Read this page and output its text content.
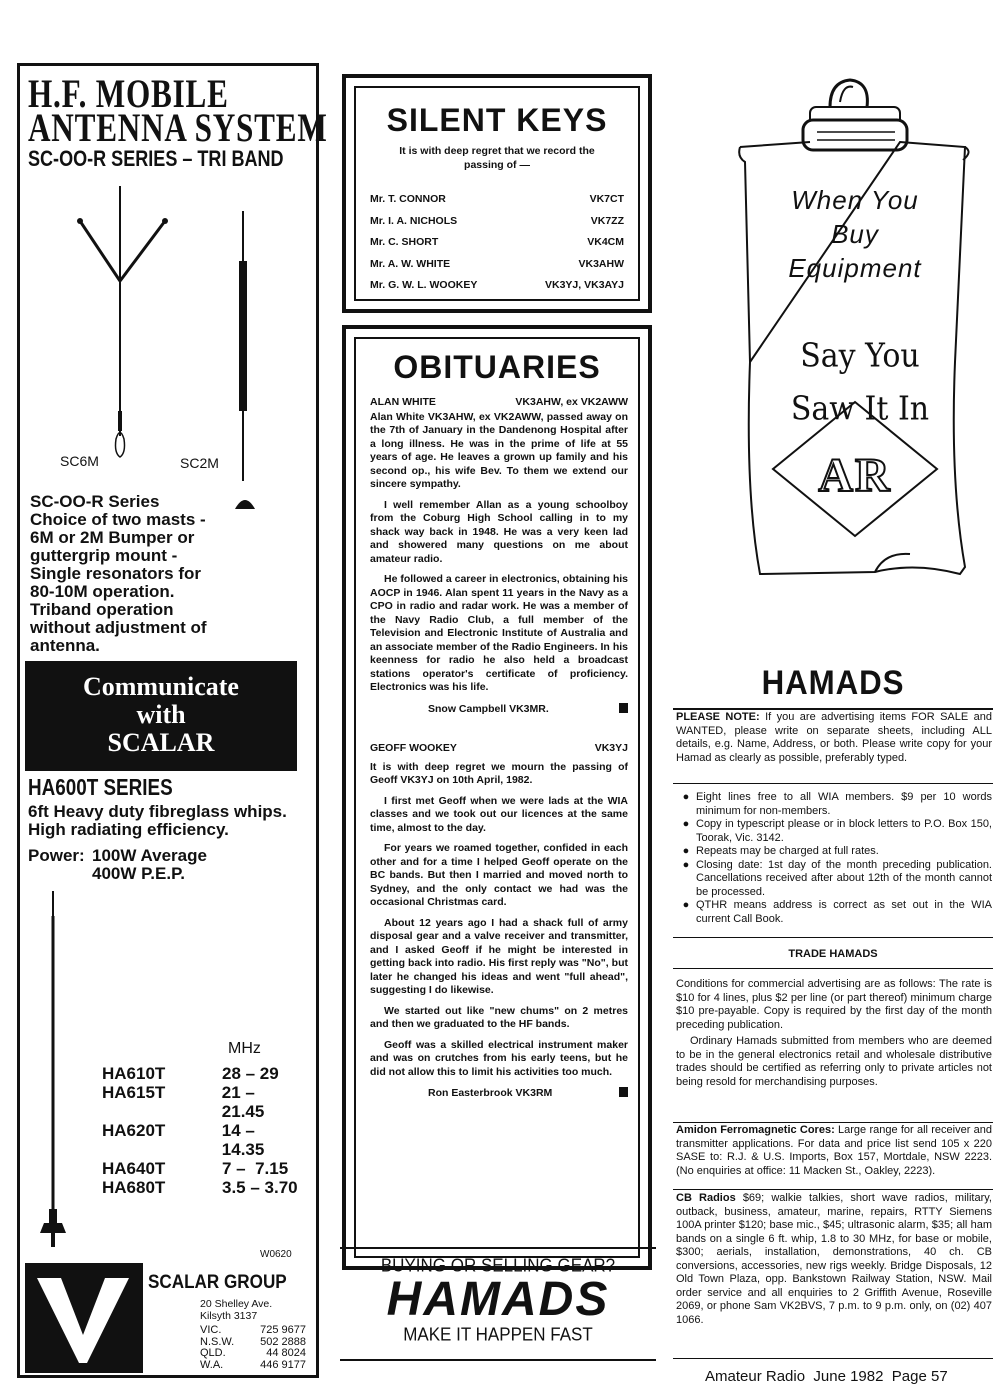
H.F. MOBILE
ANTENNA SYSTEM
SC-OO-R SERIES – TRI BAND
SC6M	SC2M
SC-OO-R Series
Choice of two masts -
6M or 2M Bumper or
guttergrip mount -
Single resonators for
80-10M operation.
Triband operation
without adjustment of
antenna.
Communicate
with
SCALAR
HA600T SERIES
6ft Heavy duty fibreglass whips.
High radiating efficiency.
Power: 100W Average
400W P.E.P.
MHz
HA610T	28 – 29
HA615T	21 – 21.45
HA620T	14 – 14.35
HA640T	7 –  7.15
HA680T	3.5 – 3.70
W0620
SCALAR GROUP
20 Shelley Ave.
Kilsyth 3137
VIC.	725 9677
N.S.W. 502 2888
QLD.	44 8024
W.A.	446 9177
SILENT KEYS
It is with deep regret that we record the
passing of —
Mr. T. CONNOR	VK7CT
Mr. I. A. NICHOLS	VK7ZZ
Mr. C. SHORT	VK4CM
Mr. A. W. WHITE	VK3AHW
Mr. G. W. L. WOOKEY	VK3YJ, VK3AYJ
OBITUARIES
ALAN WHITE	VK3AHW, ex VK2AWW

Alan White VK3AHW, ex VK2AWW, passed away on the 7th of January in the Dandenong Hospital after a long illness. He was in the prime of life at 55 years of age. He leaves a grown up family and his second op., his wife Bev. To them we extend our sincere sympathy.

I well remember Allan as a young schoolboy from the Coburg High School calling in to my shack way back in 1948. He was a very keen lad and showered many questions on me about amateur radio.

He followed a career in electronics, obtaining his AOCP in 1946. Alan spent 11 years in the Navy as a CPO in radio and radar work. He was a member of the Navy Radio Club, a full member of the Television and Electronic Institute of Australia and an associate member of the Radio Engineers. In his keenness for radio he also held a broadcast stations operator's certificate of proficiency. Electronics was his life.

Snow Campbell VK3MR.
GEOFF WOOKEY	VK3YJ

It is with deep regret we mourn the passing of Geoff VK3YJ on 10th April, 1982.

I first met Geoff when we were lads at the WIA classes and we took out our licences at the same time, almost to the day.

For years we roamed together, confided in each other and for a time I helped Geoff operate on the BC bands. But then I married and moved north to Sydney, and the only contact we had was the occasional Christmas card.

About 12 years ago I had a shack full of army disposal gear and a valve receiver and transmitter, and I asked Geoff if he might be interested in getting back into radio. His first reply was "No", but later he changed his ideas and went "full ahead", suggesting I do likewise.

We started out like "new chums" on 2 metres and then we graduated to the HF bands.

Geoff was a skilled electrical instrument maker and was on crutches from his early teens, but he did not allow this to limit his activities too much.

Ron Easterbrook VK3RM
BUYING OR SELLING GEAR?
HAMADS
MAKE IT HAPPEN FAST
When You
Buy
Equipment
Say You
Saw It In
AR
HAMADS
PLEASE NOTE: If you are advertising items FOR SALE and WANTED, please write on separate sheets, including ALL details, e.g. Name, Address, or both. Please write copy for your Hamad as clearly as possible, preferably typed.
● Eight lines free to all WIA members. $9 per 10 words minimum for non-members.
● Copy in typescript please or in block letters to P.O. Box 150, Toorak, Vic. 3142.
● Repeats may be charged at full rates.
● Closing date: 1st day of the month preceding publication. Cancellations received after about 12th of the month cannot be processed.
● QTHR means address is correct as set out in the WIA current Call Book.
TRADE HAMADS
Conditions for commercial advertising are as follows: The rate is $10 for 4 lines, plus $2 per line (or part thereof) minimum charge $10 pre-payable. Copy is required by the first day of the month preceding publication.
Ordinary Hamads submitted from members who are deemed to be in the general electronics retail and wholesale distributive trades should be certified as referring only to private articles not being resold for merchandising purposes.
Amidon Ferromagnetic Cores: Large range for all receiver and transmitter applications. For data and price list send 105 x 220 SASE to: R.J. & U.S. Imports, Box 157, Mortdale, NSW 2223. (No enquiries at office: 11 Macken St., Oakley, 2223).
CB Radios $69; walkie talkies, short wave radios, military, outback, business, amateur, marine, repairs, RTTY Siemens 100A printer $120; base mic., $45; ultrasonic alarm, $35; all ham bands on a single 6 ft. whip, 1.8 to 30 MHz, for base or mobile, $300; aerials, installation, demonstrations, 40 ch. CB conversions, accessories, new rigs weekly. Bridge Disposals, 12 Old Town Plaza, opp. Bankstown Railway Station, NSW. Mail order service and all enquiries to 2 Griffith Avenue, Roseville 2069, or phone Sam VK2BVS, 7 p.m. to 9 p.m. only, on (02) 407 1066.
Amateur Radio  June 1982  Page 57
